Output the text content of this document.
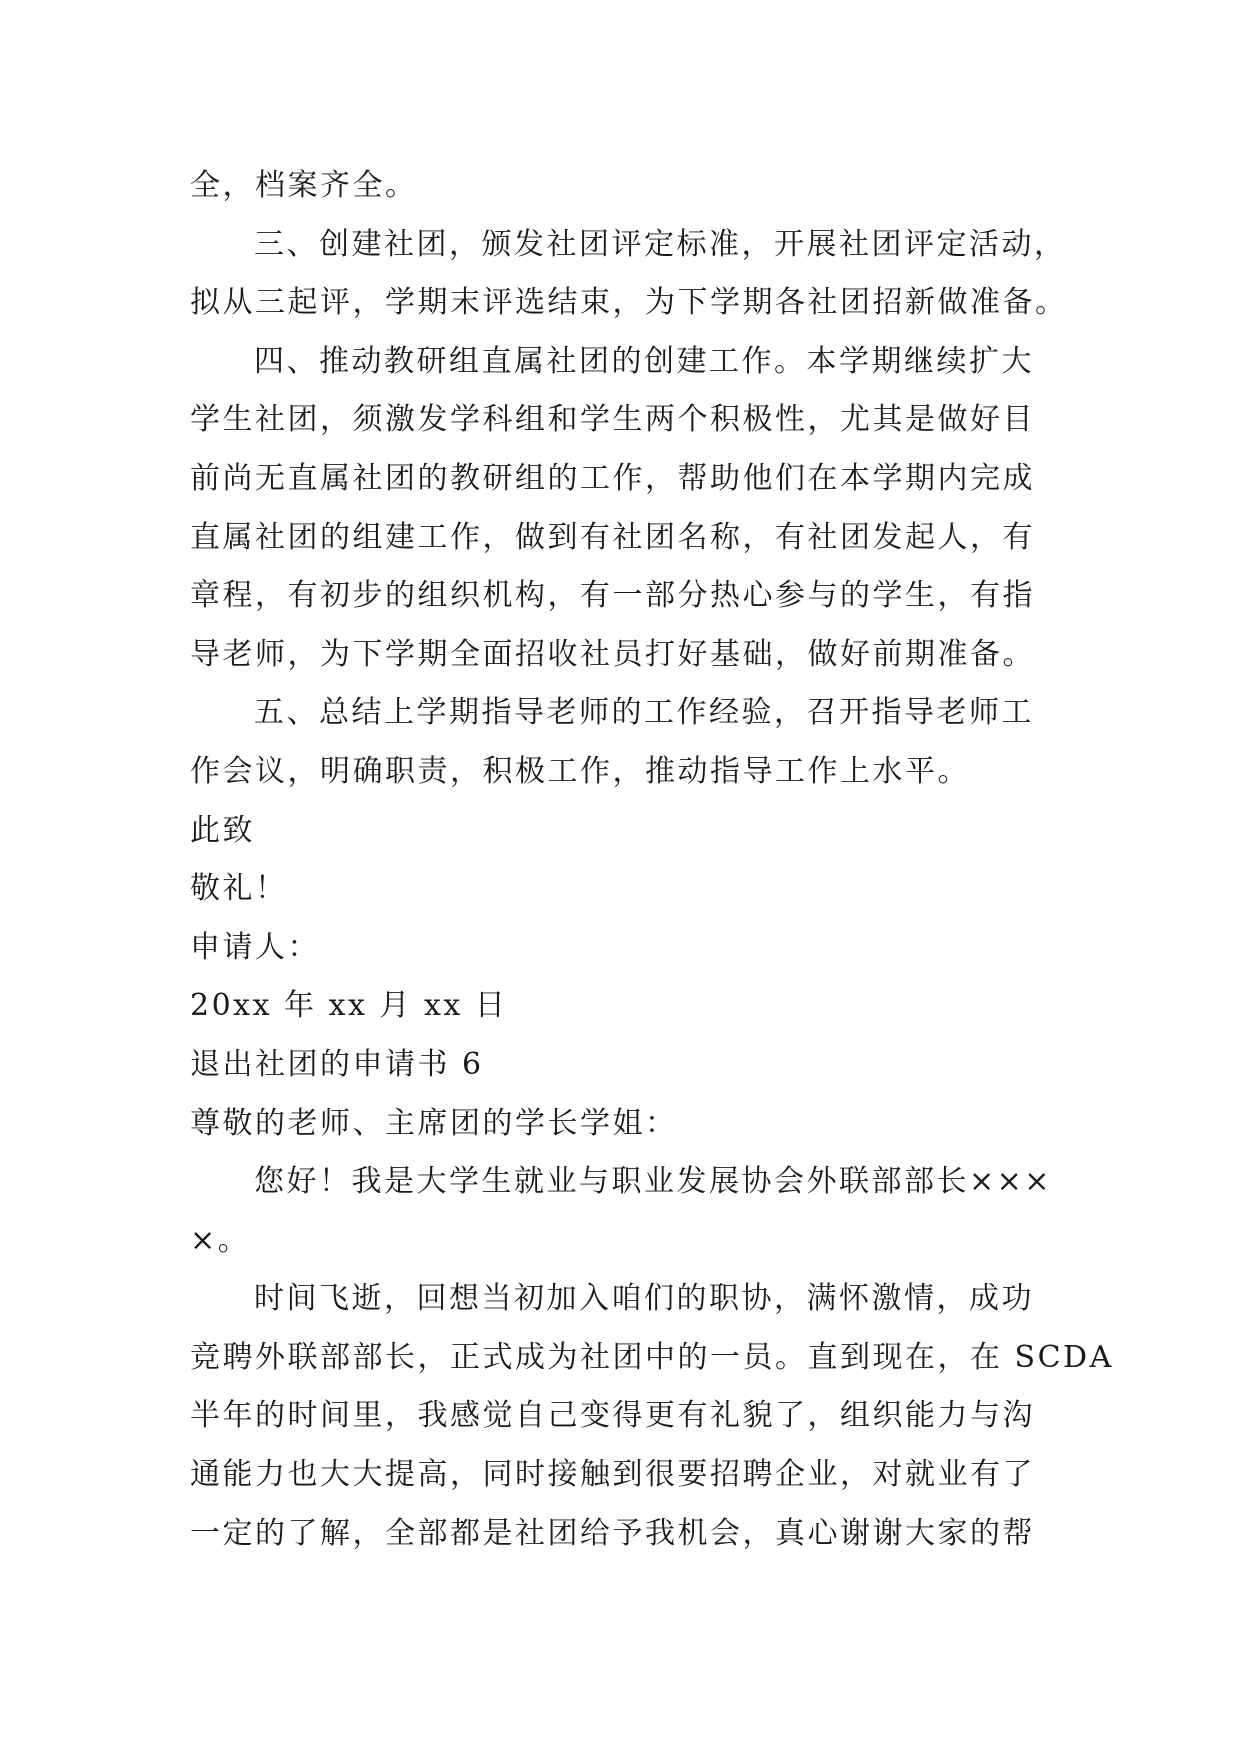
全，档案齐全。
三、创建社团，颁发社团评定标准，开展社团评定活动，
拟从三起评，学期末评选结束，为下学期各社团招新做准备。
四、推动教研组直属社团的创建工作。本学期继续扩大
学生社团，须激发学科组和学生两个积极性，尤其是做好目
前尚无直属社团的教研组的工作，帮助他们在本学期内完成
直属社团的组建工作，做到有社团名称，有社团发起人，有
章程，有初步的组织机构，有一部分热心参与的学生，有指
导老师，为下学期全面招收社员打好基础，做好前期准备。
五、总结上学期指导老师的工作经验，召开指导老师工
作会议，明确职责，积极工作，推动指导工作上水平。
此致
敬礼！
申请人：
20xx 年 xx 月 xx 日
退出社团的申请书 6
尊敬的老师、主席团的学长学姐：
您好！我是大学生就业与职业发展协会外联部部长×××
×。
时间飞逝，回想当初加入咱们的职协，满怀激情，成功
竞聘外联部部长，正式成为社团中的一员。直到现在，在 SCDA
半年的时间里，我感觉自己变得更有礼貌了，组织能力与沟
通能力也大大提高，同时接触到很要招聘企业，对就业有了
一定的了解，全部都是社团给予我机会，真心谢谢大家的帮
